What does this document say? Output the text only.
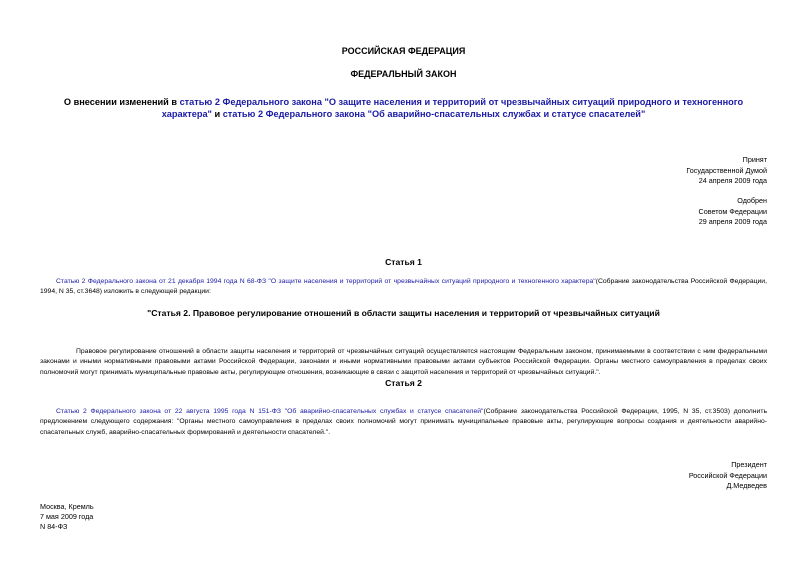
РОССИЙСКАЯ ФЕДЕРАЦИЯ
ФЕДЕРАЛЬНЫЙ ЗАКОН
О внесении изменений в статью 2 Федерального закона "О защите населения и территорий от чрезвычайных ситуаций природного и техногенного характера" и статью 2 Федерального закона "Об аварийно-спасательных службах и статусе спасателей"
Принят
Государственной Думой
24 апреля 2009 года
Одобрен
Советом Федерации
29 апреля 2009 года
Статья 1
Статью 2 Федерального закона от 21 декабря 1994 года N 68-ФЗ "О защите населения и территорий от чрезвычайных ситуаций природного и техногенного характера"(Собрание законодательства Российской Федерации, 1994, N 35, ст.3648) изложить в следующей редакции:
"Статья 2. Правовое регулирование отношений в области защиты населения и территорий от чрезвычайных ситуаций
Правовое регулирование отношений в области защиты населения и территорий от чрезвычайных ситуаций осуществляется настоящим Федеральным законом, принимаемыми в соответствии с ним федеральными законами и иными нормативными правовыми актами Российской Федерации, законами и иными нормативными правовыми актами субъектов Российской Федерации. Органы местного самоуправления в пределах своих полномочий могут принимать муниципальные правовые акты, регулирующие отношения, возникающие в связи с защитой населения и территорий от чрезвычайных ситуаций.".
Статья 2
Статью 2 Федерального закона от 22 августа 1995 года N 151-ФЗ "Об аварийно-спасательных службах и статусе спасателей"(Собрание законодательства Российской Федерации, 1995, N 35, ст.3503) дополнить предложением следующего содержания: "Органы местного самоуправления в пределах своих полномочий могут принимать муниципальные правовые акты, регулирующие вопросы создания и деятельности аварийно-спасательных служб, аварийно-спасательных формирований и деятельности спасателей.".
Президент
Российской Федерации
Д.Медведев
Москва, Кремль
7 мая 2009 года
N 84-ФЗ
